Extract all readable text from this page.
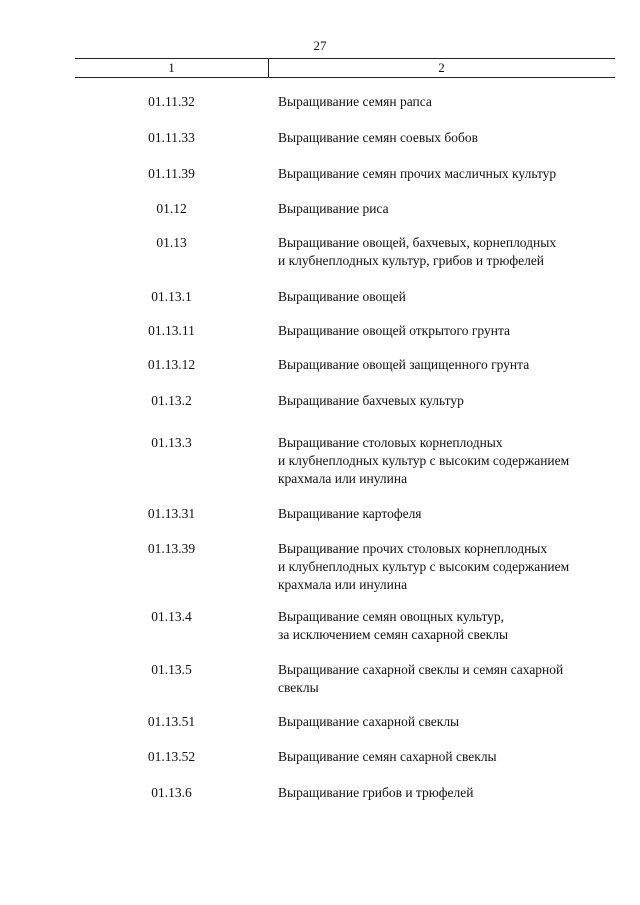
27
1	2
01.11.32	Выращивание семян рапса
01.11.33	Выращивание семян соевых бобов
01.11.39	Выращивание семян прочих масличных культур
01.12	Выращивание риса
01.13	Выращивание овощей, бахчевых, корнеплодных
и клубнеплодных культур, грибов и трюфелей
01.13.1	Выращивание овощей
01.13.11	Выращивание овощей открытого грунта
01.13.12	Выращивание овощей защищенного грунта
01.13.2	Выращивание бахчевых культур
01.13.3	Выращивание столовых корнеплодных
и клубнеплодных культур с высоким содержанием
крахмала или инулина
01.13.31	Выращивание картофеля
01.13.39	Выращивание прочих столовых корнеплодных
и клубнеплодных культур с высоким содержанием
крахмала или инулина
01.13.4	Выращивание семян овощных культур,
за исключением семян сахарной свеклы
01.13.5	Выращивание сахарной свеклы и семян сахарной
свеклы
01.13.51	Выращивание сахарной свеклы
01.13.52	Выращивание семян сахарной свеклы
01.13.6	Выращивание грибов и трюфелей
